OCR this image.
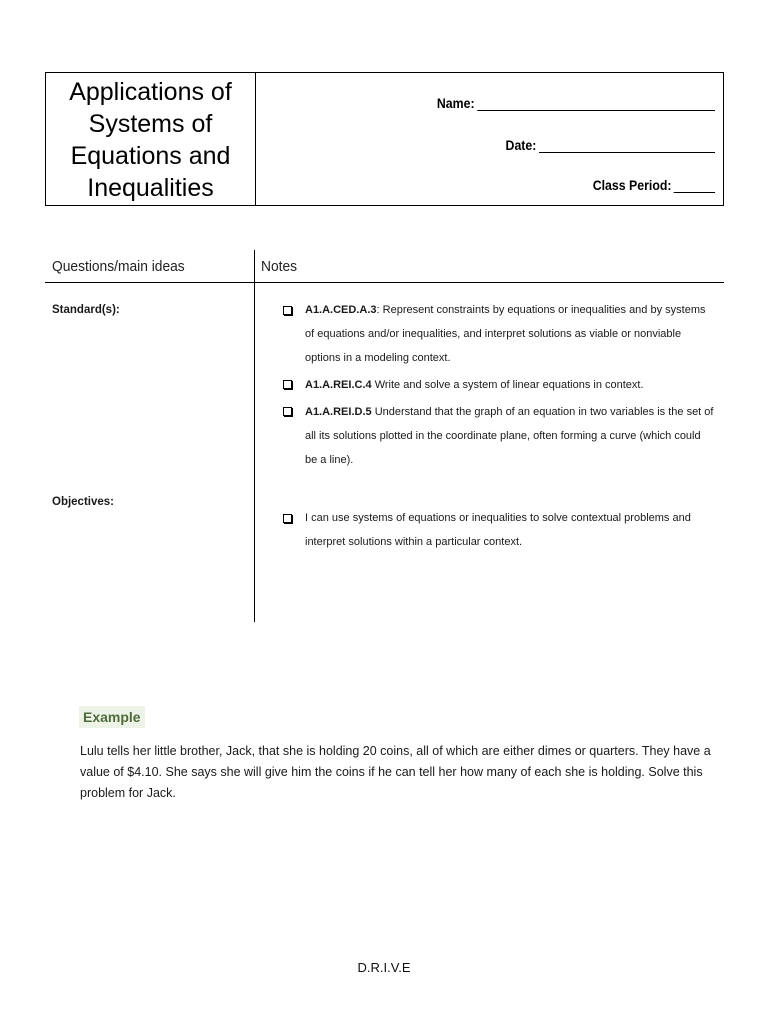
Applications of
Systems of
Equations and
Inequalities
Name:
Date:
Class Period:
Questions/main ideas	Notes
Standard(s):
Objectives:
A1.A.CED.A.3: Represent constraints by equations or inequalities and by systems of equations and/or inequalities, and interpret solutions as viable or nonviable options in a modeling context.
A1.A.REI.C.4 Write and solve a system of linear equations in context.
A1.A.REI.D.5 Understand that the graph of an equation in two variables is the set of all its solutions plotted in the coordinate plane, often forming a curve (which could be a line).
I can use systems of equations or inequalities to solve contextual problems and interpret solutions within a particular context.
Example
Lulu tells her little brother, Jack, that she is holding 20 coins, all of which are either dimes or quarters. They have a value of $4.10. She says she will give him the coins if he can tell her how many of each she is holding. Solve this problem for Jack.
D.R.I.V.E
